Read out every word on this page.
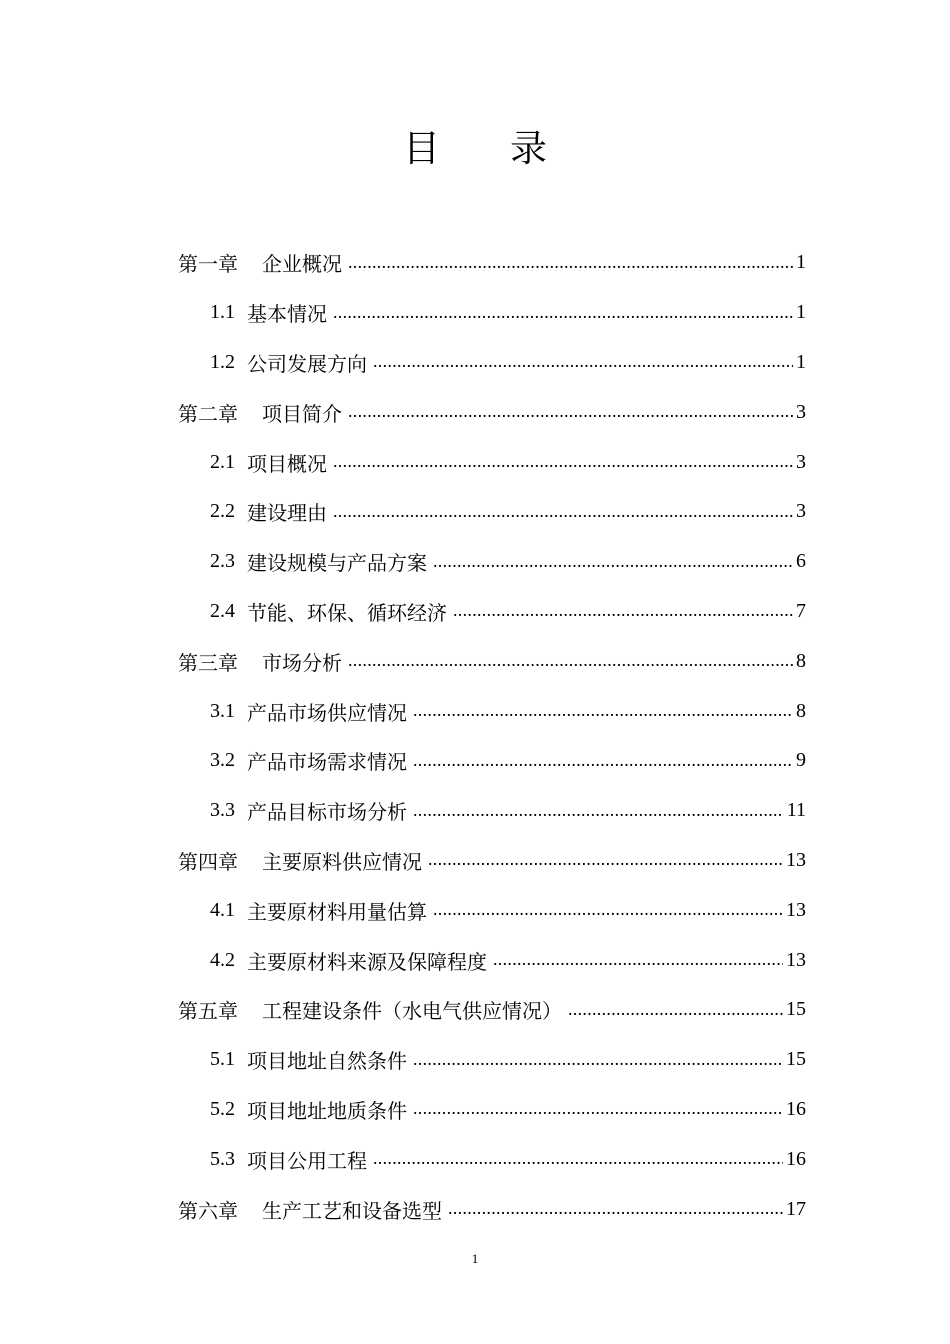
目 录
第一章 企业概况 .....	1
1.1 基本情况 .....	1
1.2 公司发展方向 .....	1
第二章 项目简介 .....	3
2.1 项目概况 .....	3
2.2 建设理由 .....	3
2.3 建设规模与产品方案 .....	6
2.4 节能、环保、循环经济 .....	7
第三章 市场分析 .....	8
3.1 产品市场供应情况 .....	8
3.2 产品市场需求情况 .....	9
3.3 产品目标市场分析 .....	11
第四章 主要原料供应情况 .....	13
4.1 主要原材料用量估算 .....	13
4.2 主要原材料来源及保障程度 .....	13
第五章 工程建设条件（水电气供应情况） .....	15
5.1 项目地址自然条件 .....	15
5.2 项目地址地质条件 .....	16
5.3 项目公用工程 .....	16
第六章 生产工艺和设备选型 .....	17
1
